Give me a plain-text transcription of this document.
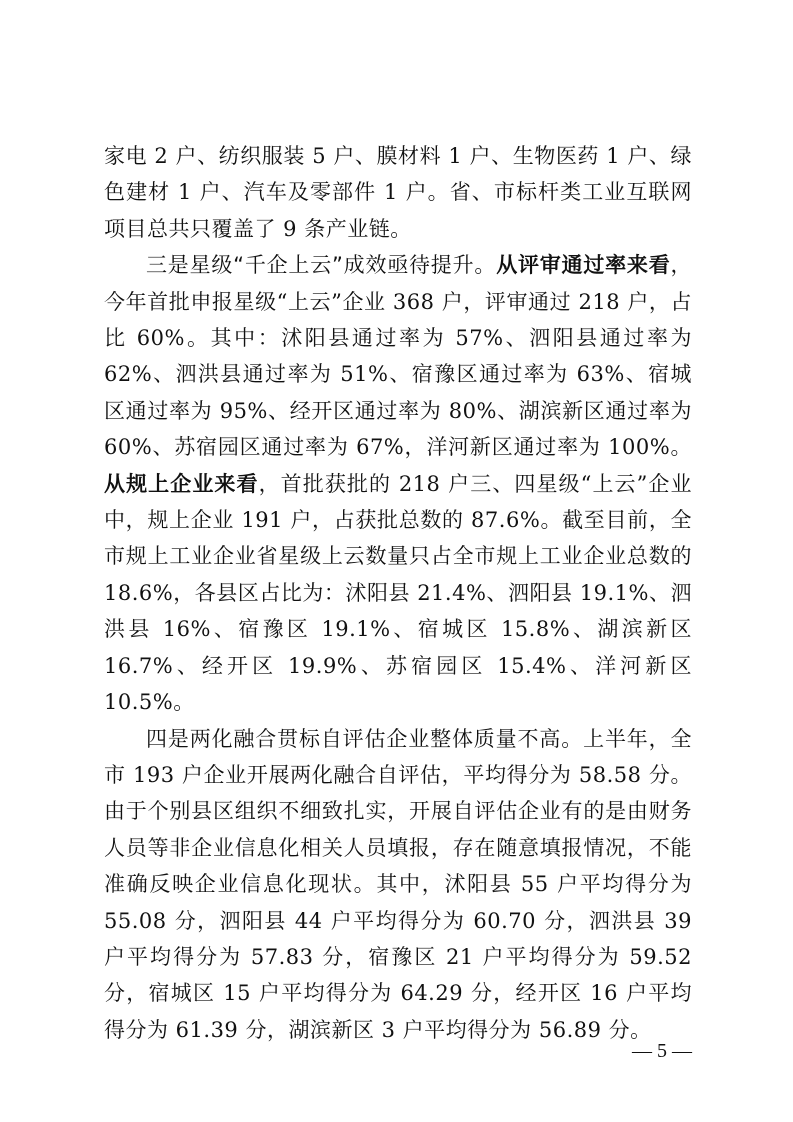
家电 2 户、纺织服装 5 户、膜材料 1 户、生物医药 1 户、绿色建材 1 户、汽车及零部件 1 户。省、市标杆类工业互联网项目总共只覆盖了 9 条产业链。

三是星级“千企上云”成效亟待提升。从评审通过率来看，今年首批申报星级“上云”企业 368 户，评审通过 218 户，占比 60%。其中：沭阳县通过率为 57%、泗阳县通过率为 62%、泗洪县通过率为 51%、宿豫区通过率为 63%、宿城区通过率为 95%、经开区通过率为 80%、湖滨新区通过率为 60%、苏宿园区通过率为 67%，洋河新区通过率为 100%。从规上企业来看，首批获批的 218 户三、四星级“上云”企业中，规上企业 191 户，占获批总数的 87.6%。截至目前，全市规上工业企业省星级上云数量只占全市规上工业企业总数的 18.6%，各县区占比为：沭阳县 21.4%、泗阳县 19.1%、泗洪县 16%、宿豫区 19.1%、宿城区 15.8%、湖滨新区 16.7%、经开区 19.9%、苏宿园区 15.4%、洋河新区 10.5%。

四是两化融合贯标自评估企业整体质量不高。上半年，全市 193 户企业开展两化融合自评估，平均得分为 58.58 分。由于个别县区组织不细致扎实，开展自评估企业有的是由财务人员等非企业信息化相关人员填报，存在随意填报情况，不能准确反映企业信息化现状。其中，沭阳县 55 户平均得分为 55.08 分，泗阳县 44 户平均得分为 60.70 分，泗洪县 39 户平均得分为 57.83 分，宿豫区 21 户平均得分为 59.52 分，宿城区 15 户平均得分为 64.29 分，经开区 16 户平均得分为 61.39 分，湖滨新区 3 户平均得分为 56.89 分。

— 5 —
